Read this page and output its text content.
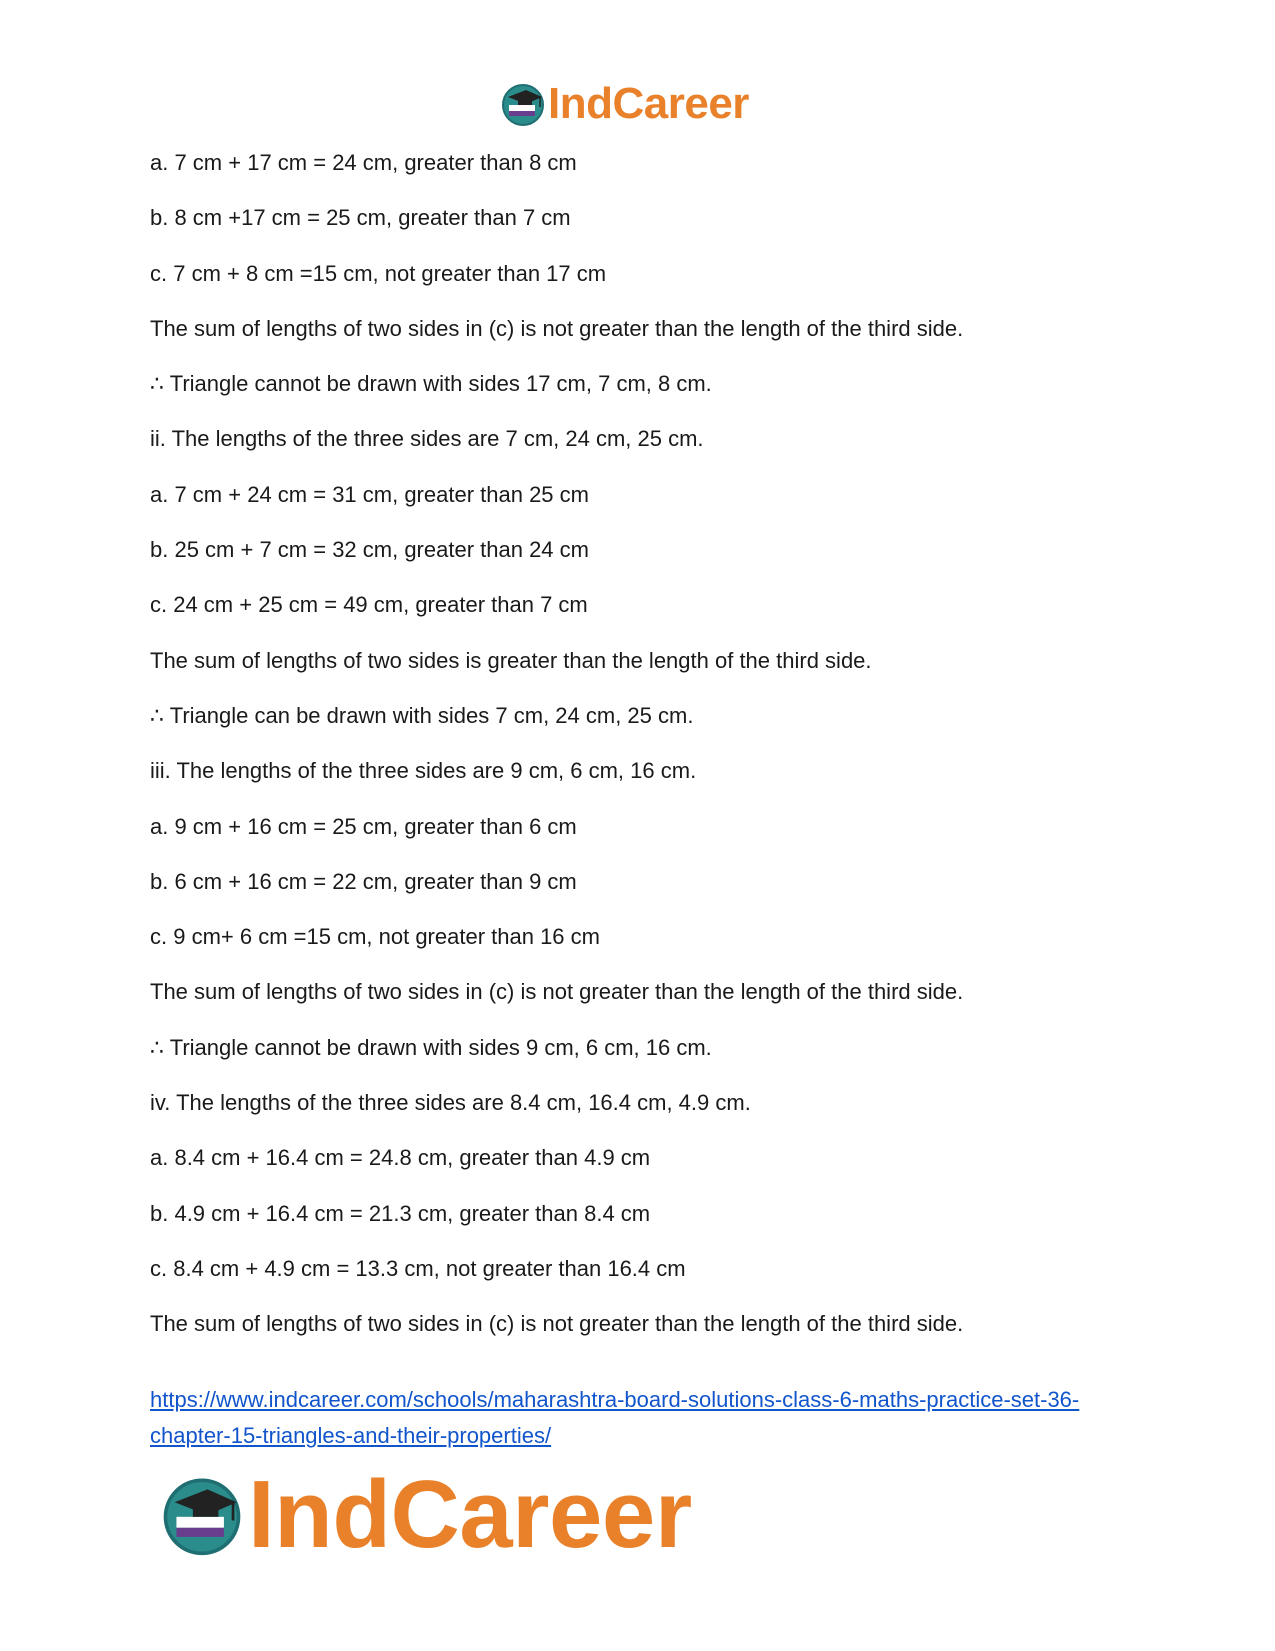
IndCareer
a. 7 cm + 17 cm = 24 cm, greater than 8 cm
b. 8 cm +17 cm = 25 cm, greater than 7 cm
c. 7 cm + 8 cm =15 cm, not greater than 17 cm
The sum of lengths of two sides in (c) is not greater than the length of the third side.
∴ Triangle cannot be drawn with sides 17 cm, 7 cm, 8 cm.
ii. The lengths of the three sides are 7 cm, 24 cm, 25 cm.
a. 7 cm + 24 cm = 31 cm, greater than 25 cm
b. 25 cm + 7 cm = 32 cm, greater than 24 cm
c. 24 cm + 25 cm = 49 cm, greater than 7 cm
The sum of lengths of two sides is greater than the length of the third side.
∴ Triangle can be drawn with sides 7 cm, 24 cm, 25 cm.
iii. The lengths of the three sides are 9 cm, 6 cm, 16 cm.
a. 9 cm + 16 cm = 25 cm, greater than 6 cm
b. 6 cm + 16 cm = 22 cm, greater than 9 cm
c. 9 cm+ 6 cm =15 cm, not greater than 16 cm
The sum of lengths of two sides in (c) is not greater than the length of the third side.
∴ Triangle cannot be drawn with sides 9 cm, 6 cm, 16 cm.
iv. The lengths of the three sides are 8.4 cm, 16.4 cm, 4.9 cm.
a. 8.4 cm + 16.4 cm = 24.8 cm, greater than 4.9 cm
b. 4.9 cm + 16.4 cm = 21.3 cm, greater than 8.4 cm
c. 8.4 cm + 4.9 cm = 13.3 cm, not greater than 16.4 cm
The sum of lengths of two sides in (c) is not greater than the length of the third side.
https://www.indcareer.com/schools/maharashtra-board-solutions-class-6-maths-practice-set-36-
chapter-15-triangles-and-their-properties/
IndCareer
